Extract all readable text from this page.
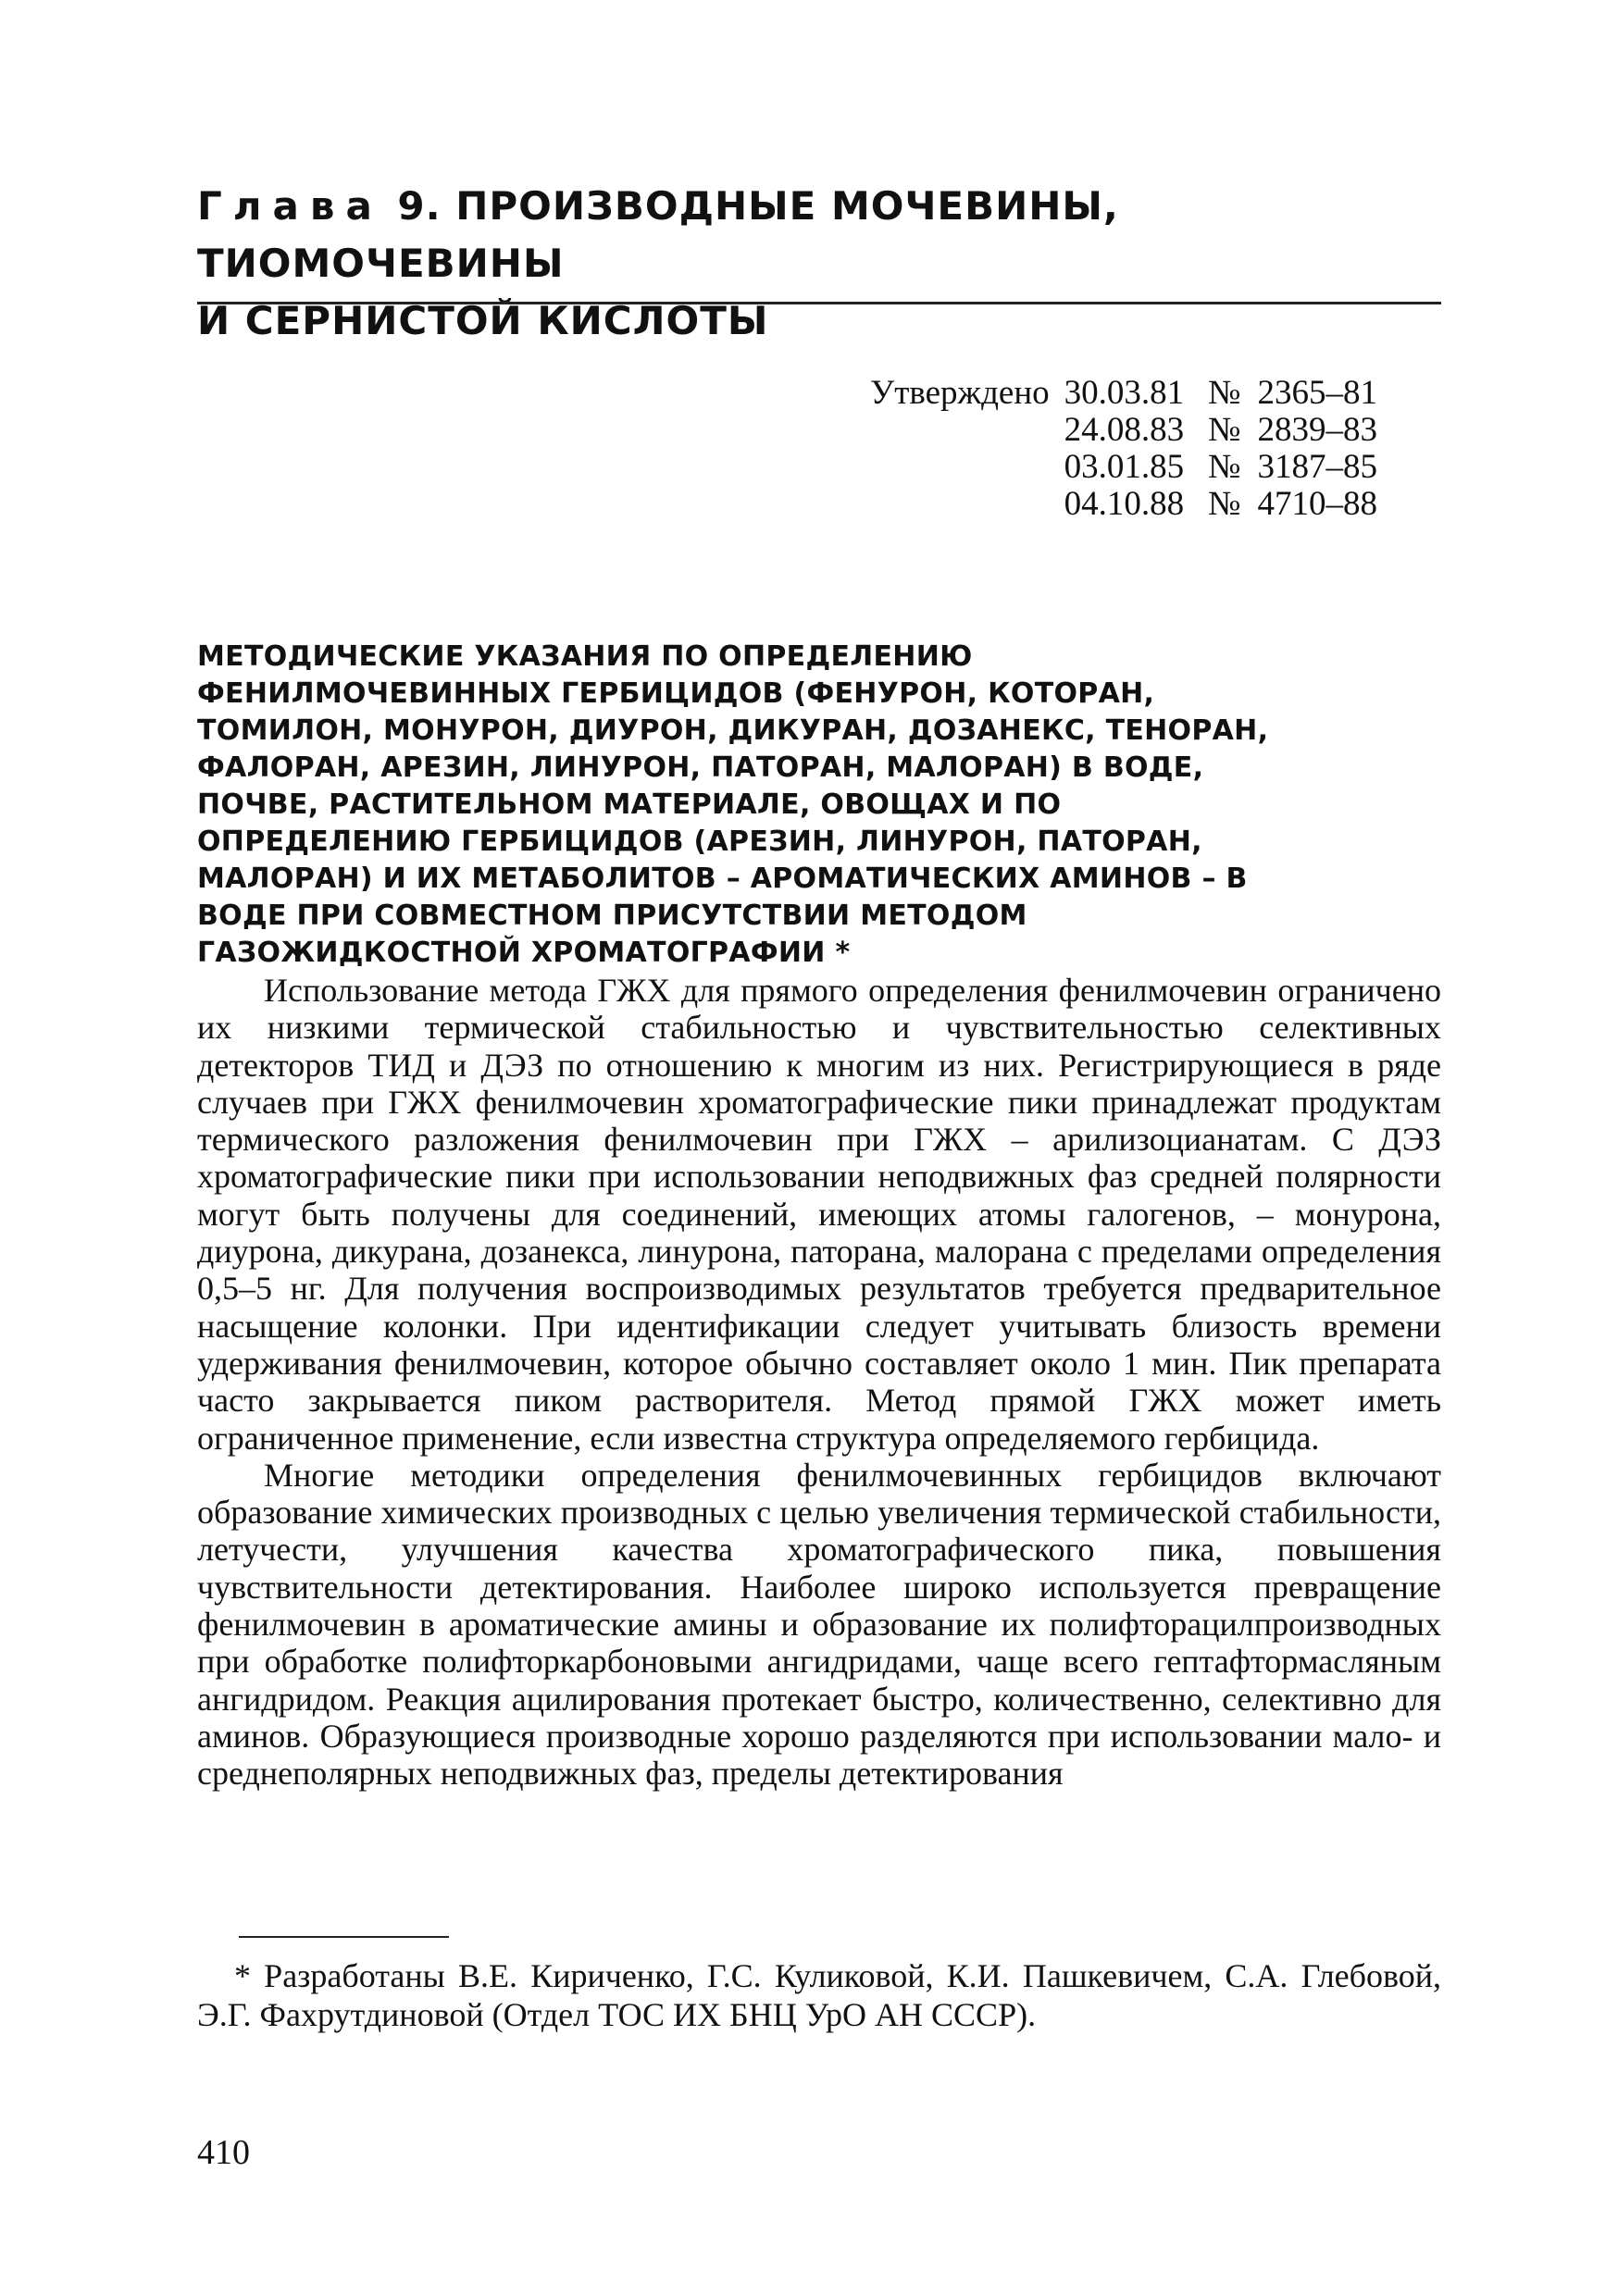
Глава 9. ПРОИЗВОДНЫЕ МОЧЕВИНЫ, ТИОМОЧЕВИНЫ
И СЕРНИСТОЙ КИСЛОТЫ
Утверждено	30.03.81	№	2365–81
	24.08.83	№	2839–83
	03.01.85	№	3187–85
	04.10.88	№	4710–88
МЕТОДИЧЕСКИЕ УКАЗАНИЯ ПО ОПРЕДЕЛЕНИЮ ФЕНИЛМОЧЕВИННЫХ ГЕРБИЦИДОВ (ФЕНУРОН, КОТОРАН, ТОМИЛОН, МОНУРОН, ДИУРОН, ДИКУРАН, ДОЗАНЕКС, ТЕНОРАН, ФАЛОРАН, АРЕЗИН, ЛИНУРОН, ПАТОРАН, МАЛОРАН) В ВОДЕ, ПОЧВЕ, РАСТИТЕЛЬНОМ МАТЕРИАЛЕ, ОВОЩАХ И ПО ОПРЕДЕЛЕНИЮ ГЕРБИЦИДОВ (АРЕЗИН, ЛИНУРОН, ПАТОРАН, МАЛОРАН) И ИХ МЕТАБОЛИТОВ – АРОМАТИЧЕСКИХ АМИНОВ – В ВОДЕ ПРИ СОВМЕСТНОМ ПРИСУТСТВИИ МЕТОДОМ ГАЗОЖИДКОСТНОЙ ХРОМАТОГРАФИИ *

Использование метода ГЖХ для прямого определения фенилмочевин ограничено их низкими термической стабильностью и чувствительностью селективных детекторов ТИД и ДЭЗ по отношению к многим из них. Регистрирующиеся в ряде случаев при ГЖХ фенилмочевин хроматографические пики принадлежат продуктам термического разложения фенилмочевин при ГЖХ – арилизоцианатам. С ДЭЗ хроматографические пики при использовании неподвижных фаз средней полярности могут быть получены для соединений, имеющих атомы галогенов, – монурона, диурона, дикурана, дозанекса, линурона, паторана, малорана с пределами определения 0,5–5 нг. Для получения воспроизводимых результатов требуется предварительное насыщение колонки. При идентификации следует учитывать близость времени удерживания фенилмочевин, которое обычно составляет около 1 мин. Пик препарата часто закрывается пиком растворителя. Метод прямой ГЖХ может иметь ограниченное применение, если известна структура определяемого гербицида.

Многие методики определения фенилмочевинных гербицидов включают образование химических производных с целью увеличения термической стабильности, летучести, улучшения качества хроматографического пика, повышения чувствительности детектирования. Наиболее широко используется превращение фенилмочевин в ароматические амины и образование их полифторацилпроизводных при обработке полифторкарбоновыми ангидридами, чаще всего гептафтормасляным ангидридом. Реакция ацилирования протекает быстро, количественно, селективно для аминов. Образующиеся производные хорошо разделяются при использовании мало- и среднеполярных неподвижных фаз, пределы детектирования

* Разработаны В.Е. Кириченко, Г.С. Куликовой, К.И. Пашкевичем, С.А. Глебовой, Э.Г. Фахрутдиновой (Отдел ТОС ИХ БНЦ УрО АН СССР).

410
